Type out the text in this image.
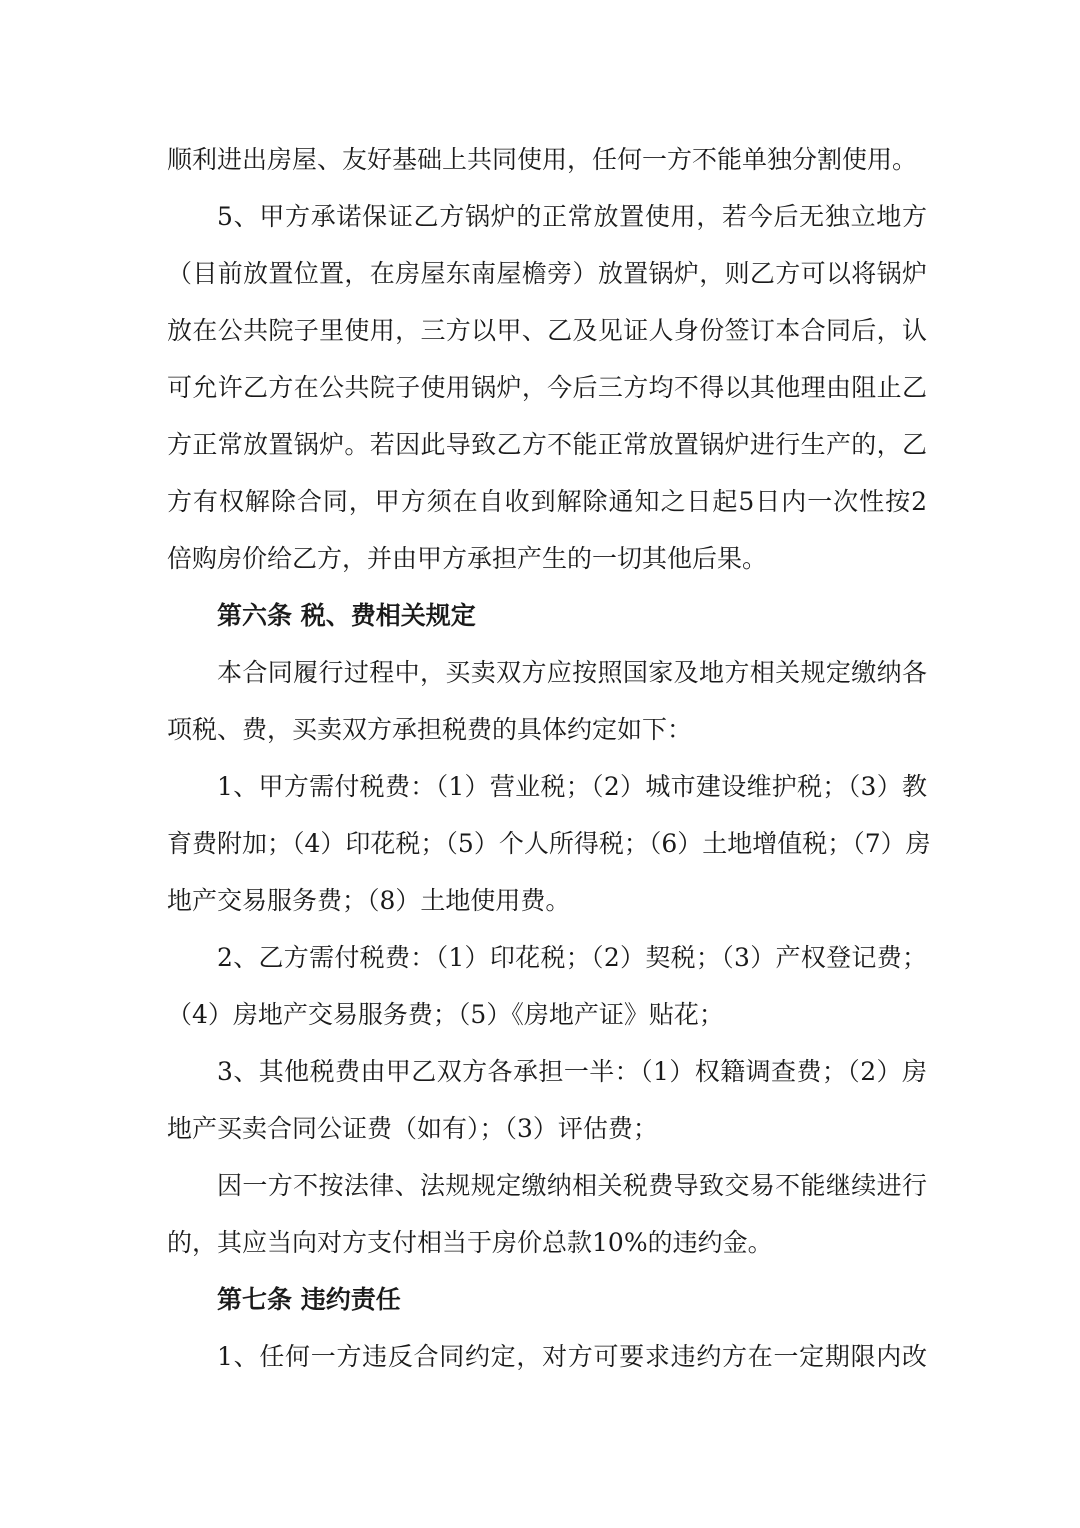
顺利进出房屋、友好基础上共同使用，任何一方不能单独分割使用。
5、甲方承诺保证乙方锅炉的正常放置使用，若今后无独立地方
（目前放置位置，在房屋东南屋檐旁）放置锅炉，则乙方可以将锅炉
放在公共院子里使用，三方以甲、乙及见证人身份签订本合同后，认
可允许乙方在公共院子使用锅炉，今后三方均不得以其他理由阻止乙
方正常放置锅炉。若因此导致乙方不能正常放置锅炉进行生产的，乙
方有权解除合同，甲方须在自收到解除通知之日起5日内一次性按2
倍购房价给乙方，并由甲方承担产生的一切其他后果。
第六条 税、费相关规定
本合同履行过程中，买卖双方应按照国家及地方相关规定缴纳各
项税、费，买卖双方承担税费的具体约定如下：
1、甲方需付税费：（1）营业税；（2）城市建设维护税；（3）教
育费附加；（4）印花税；（5）个人所得税；（6）土地增值税；（7）房
地产交易服务费；（8）土地使用费。
2、乙方需付税费：（1）印花税；（2）契税；（3）产权登记费；
（4）房地产交易服务费；（5）《房地产证》贴花；
3、其他税费由甲乙双方各承担一半：（1）权籍调查费；（2）房
地产买卖合同公证费（如有）；（3）评估费；
因一方不按法律、法规规定缴纳相关税费导致交易不能继续进行
的，其应当向对方支付相当于房价总款10%的违约金。
第七条 违约责任
1、任何一方违反合同约定，对方可要求违约方在一定期限内改
